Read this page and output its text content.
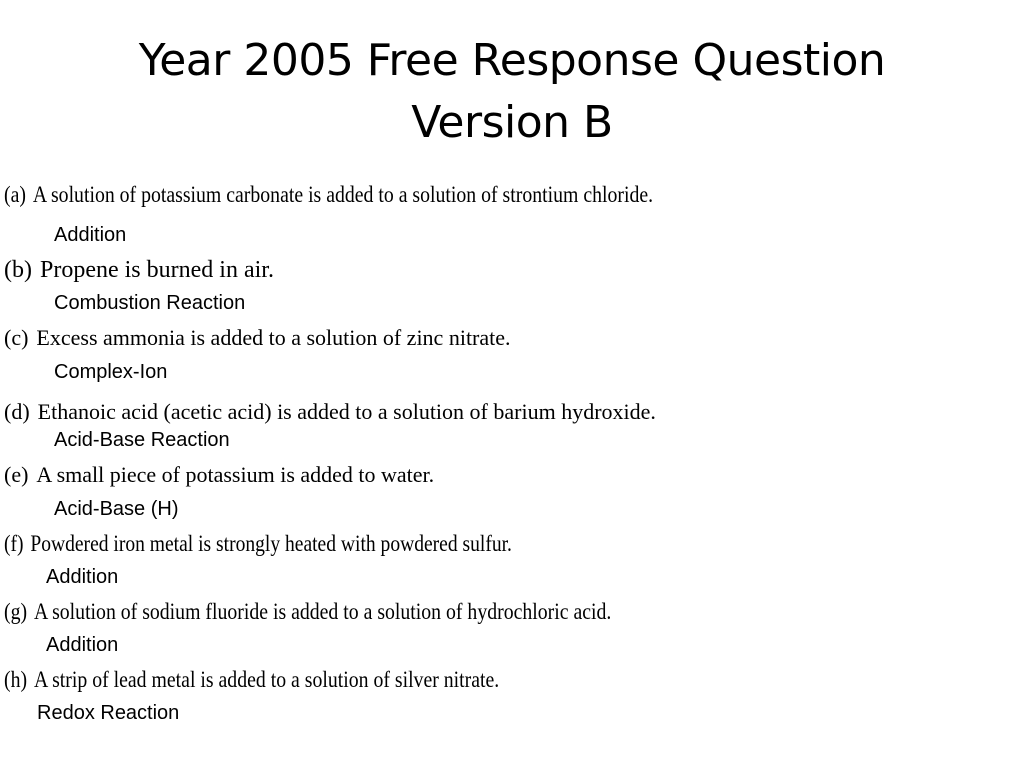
Year 2005 Free Response Question
Version B
(a) A solution of potassium carbonate is added to a solution of strontium chloride.
Addition
(b) Propene is burned in air.
Combustion Reaction
(c) Excess ammonia is added to a solution of zinc nitrate.
Complex-Ion
(d) Ethanoic acid (acetic acid) is added to a solution of barium hydroxide.
Acid-Base Reaction
(e) A small piece of potassium is added to water.
Acid-Base (H)
(f) Powdered iron metal is strongly heated with powdered sulfur.
Addition
(g) A solution of sodium fluoride is added to a solution of hydrochloric acid.
Addition
(h) A strip of lead metal is added to a solution of silver nitrate.
Redox Reaction
